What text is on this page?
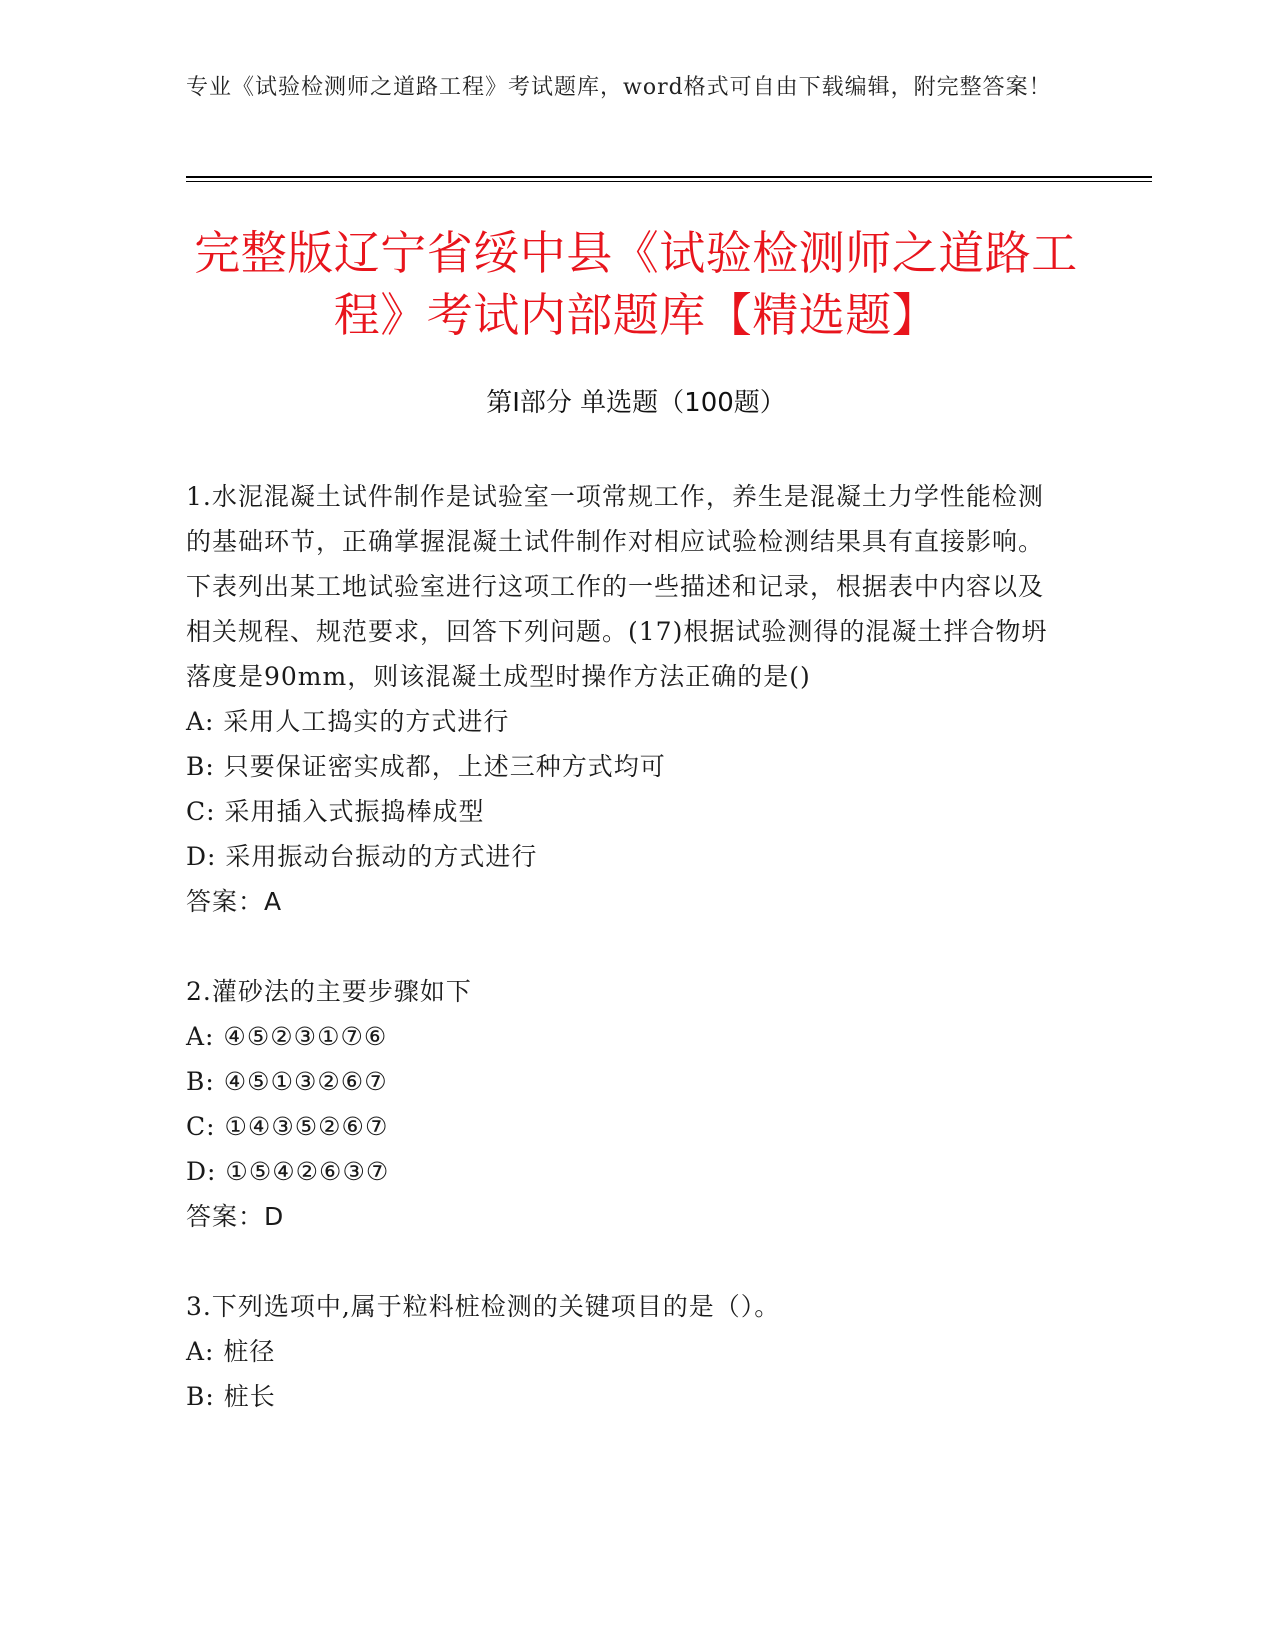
专业《试验检测师之道路工程》考试题库，word格式可自由下载编辑，附完整答案！
完整版辽宁省绥中县《试验检测师之道路工程》考试内部题库【精选题】
第Ⅰ部分 单选题（100题）

1.水泥混凝土试件制作是试验室一项常规工作，养生是混凝土力学性能检测的基础环节，正确掌握混凝土试件制作对相应试验检测结果具有直接影响。下表列出某工地试验室进行这项工作的一些描述和记录，根据表中内容以及相关规程、规范要求，回答下列问题。(17)根据试验测得的混凝土拌合物坍落度是90mm，则该混凝土成型时操作方法正确的是()

A: 采用人工捣实的方式进行

B: 只要保证密实成都，上述三种方式均可

C: 采用插入式振捣棒成型

D: 采用振动台振动的方式进行

答案：A

2.灌砂法的主要步骤如下

A: ④⑤②③①⑦⑥

B: ④⑤①③②⑥⑦

C: ①④③⑤②⑥⑦

D: ①⑤④②⑥③⑦

答案：D

3.下列选项中,属于粒料桩检测的关键项目的是（）。

A: 桩径

B: 桩长
